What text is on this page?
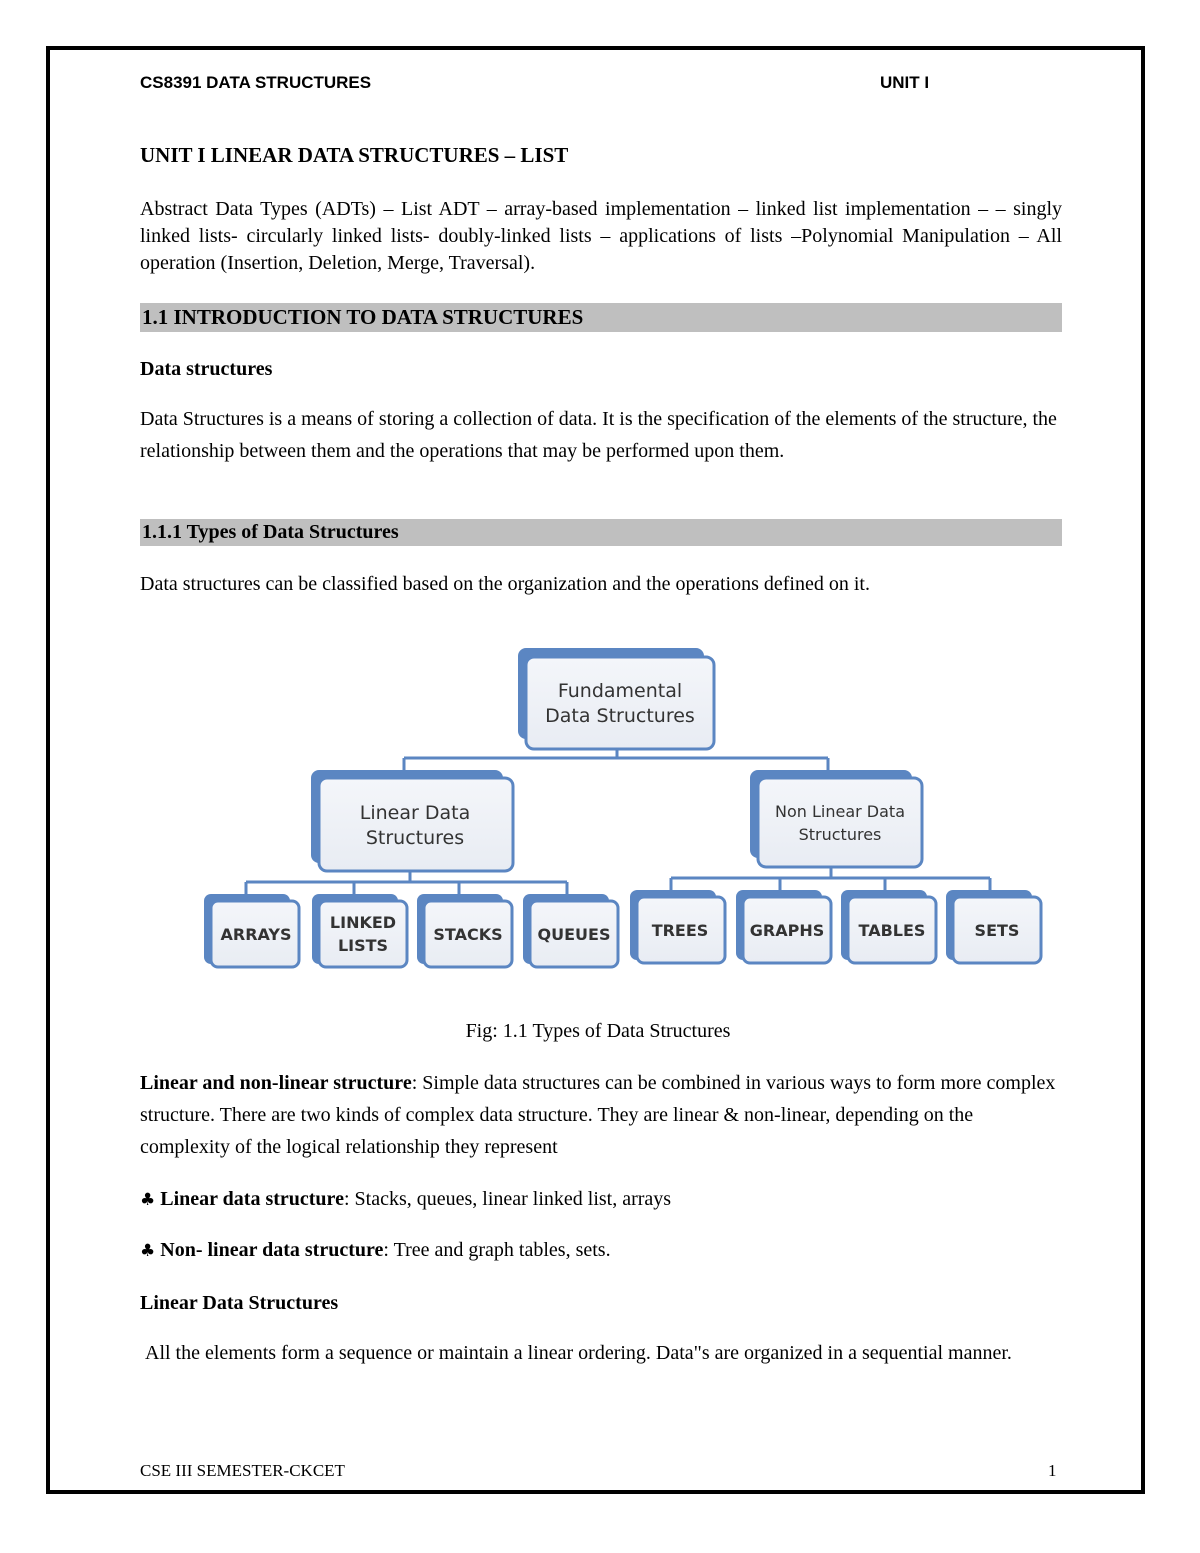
CS8391 DATA STRUCTURES	UNIT I
UNIT I LINEAR DATA STRUCTURES – LIST
Abstract Data Types (ADTs) – List ADT – array-based implementation – linked list implementation – – singly linked lists- circularly linked lists- doubly-linked lists – applications of lists –Polynomial Manipulation – All operation (Insertion, Deletion, Merge, Traversal).
1.1 INTRODUCTION TO DATA STRUCTURES
Data structures
Data Structures is a means of storing a collection of data. It is the specification of the elements of the structure, the relationship between them and the operations that may be performed upon them.
1.1.1 Types of Data Structures
Data structures can be classified based on the organization and the operations defined on it.
Fundamental
Data Structures
Linear Data
Structures
Non Linear Data
Structures
ARRAYS
LINKED
LISTS
STACKS QUEUES	TREES	GRAPHS TABLES	SETS
Fig: 1.1 Types of Data Structures
Linear and non-linear structure: Simple data structures can be combined in various ways to form more complex structure. There are two kinds of complex data structure. They are linear & non-linear, depending on the complexity of the logical relationship they represent
♣ Linear data structure: Stacks, queues, linear linked list, arrays
♣ Non- linear data structure: Tree and graph tables, sets.
Linear Data Structures
All the elements form a sequence or maintain a linear ordering. Data"s are organized in a sequential manner.
CSE III SEMESTER-CKCET	1
